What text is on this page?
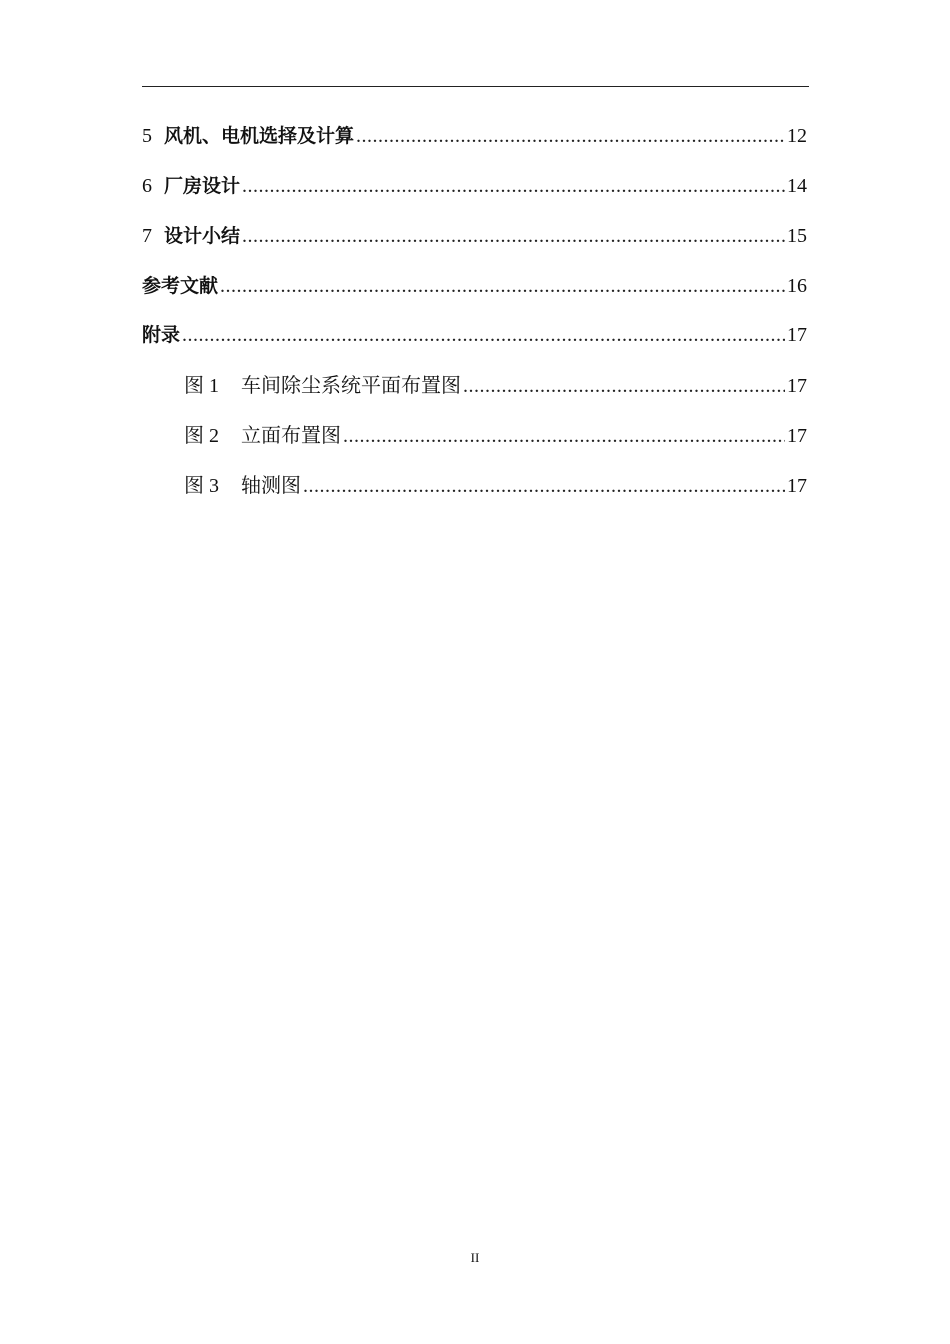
5 风机、电机选择及计算 .....	12
6 厂房设计 .....	14
7 设计小结 .....	15
参考文献 .....	16
附录 .....	17
图 1 车间除尘系统平面布置图 .....	17
图 2 立面布置图 .....	17
图 3 轴测图 .....	17
II
